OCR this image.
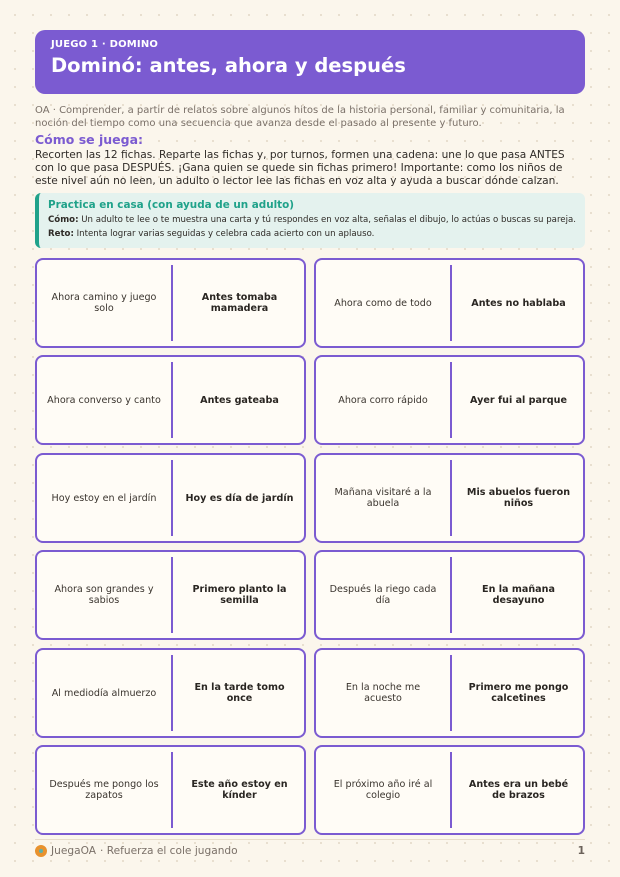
JUEGO 1 · DOMINO
Dominó: antes, ahora y después
OA · Comprender, a partir de relatos sobre algunos hitos de la historia personal, familiar y comunitaria, la noción del tiempo como una secuencia que avanza desde el pasado al presente y futuro.
Cómo se juega:
Recorten las 12 fichas. Reparte las fichas y, por turnos, formen una cadena: une lo que pasa ANTES con lo que pasa DESPUÉS. ¡Gana quien se quede sin fichas primero! Importante: como los niños de este nivel aún no leen, un adulto o lector lee las fichas en voz alta y ayuda a buscar dónde calzan.
Practica en casa (con ayuda de un adulto)
Cómo: Un adulto te lee o te muestra una carta y tú respondes en voz alta, señalas el dibujo, lo actúas o buscas su pareja.
Reto: Intenta lograr varias seguidas y celebra cada acierto con un aplauso.
Ahora camino y juego solo
Antes tomaba mamadera	Ahora como de todo	Antes no hablaba
Ahora converso y canto	Antes gateaba	Ahora corro rápido	Ayer fui al parque
Hoy estoy en el jardín	Hoy es día de jardín	Mañana visitaré a la abuela
Mis abuelos fueron niños
Ahora son grandes y sabios
Primero planto la semilla
Después la riego cada día
En la mañana desayuno
Al mediodía almuerzo	En la tarde tomo once
En la noche me acuesto
Primero me pongo calcetines
Después me pongo los zapatos
Este año estoy en kínder
El próximo año iré al colegio
Antes era un bebé de brazos
JuegaOA · Refuerza el cole jugando	1
